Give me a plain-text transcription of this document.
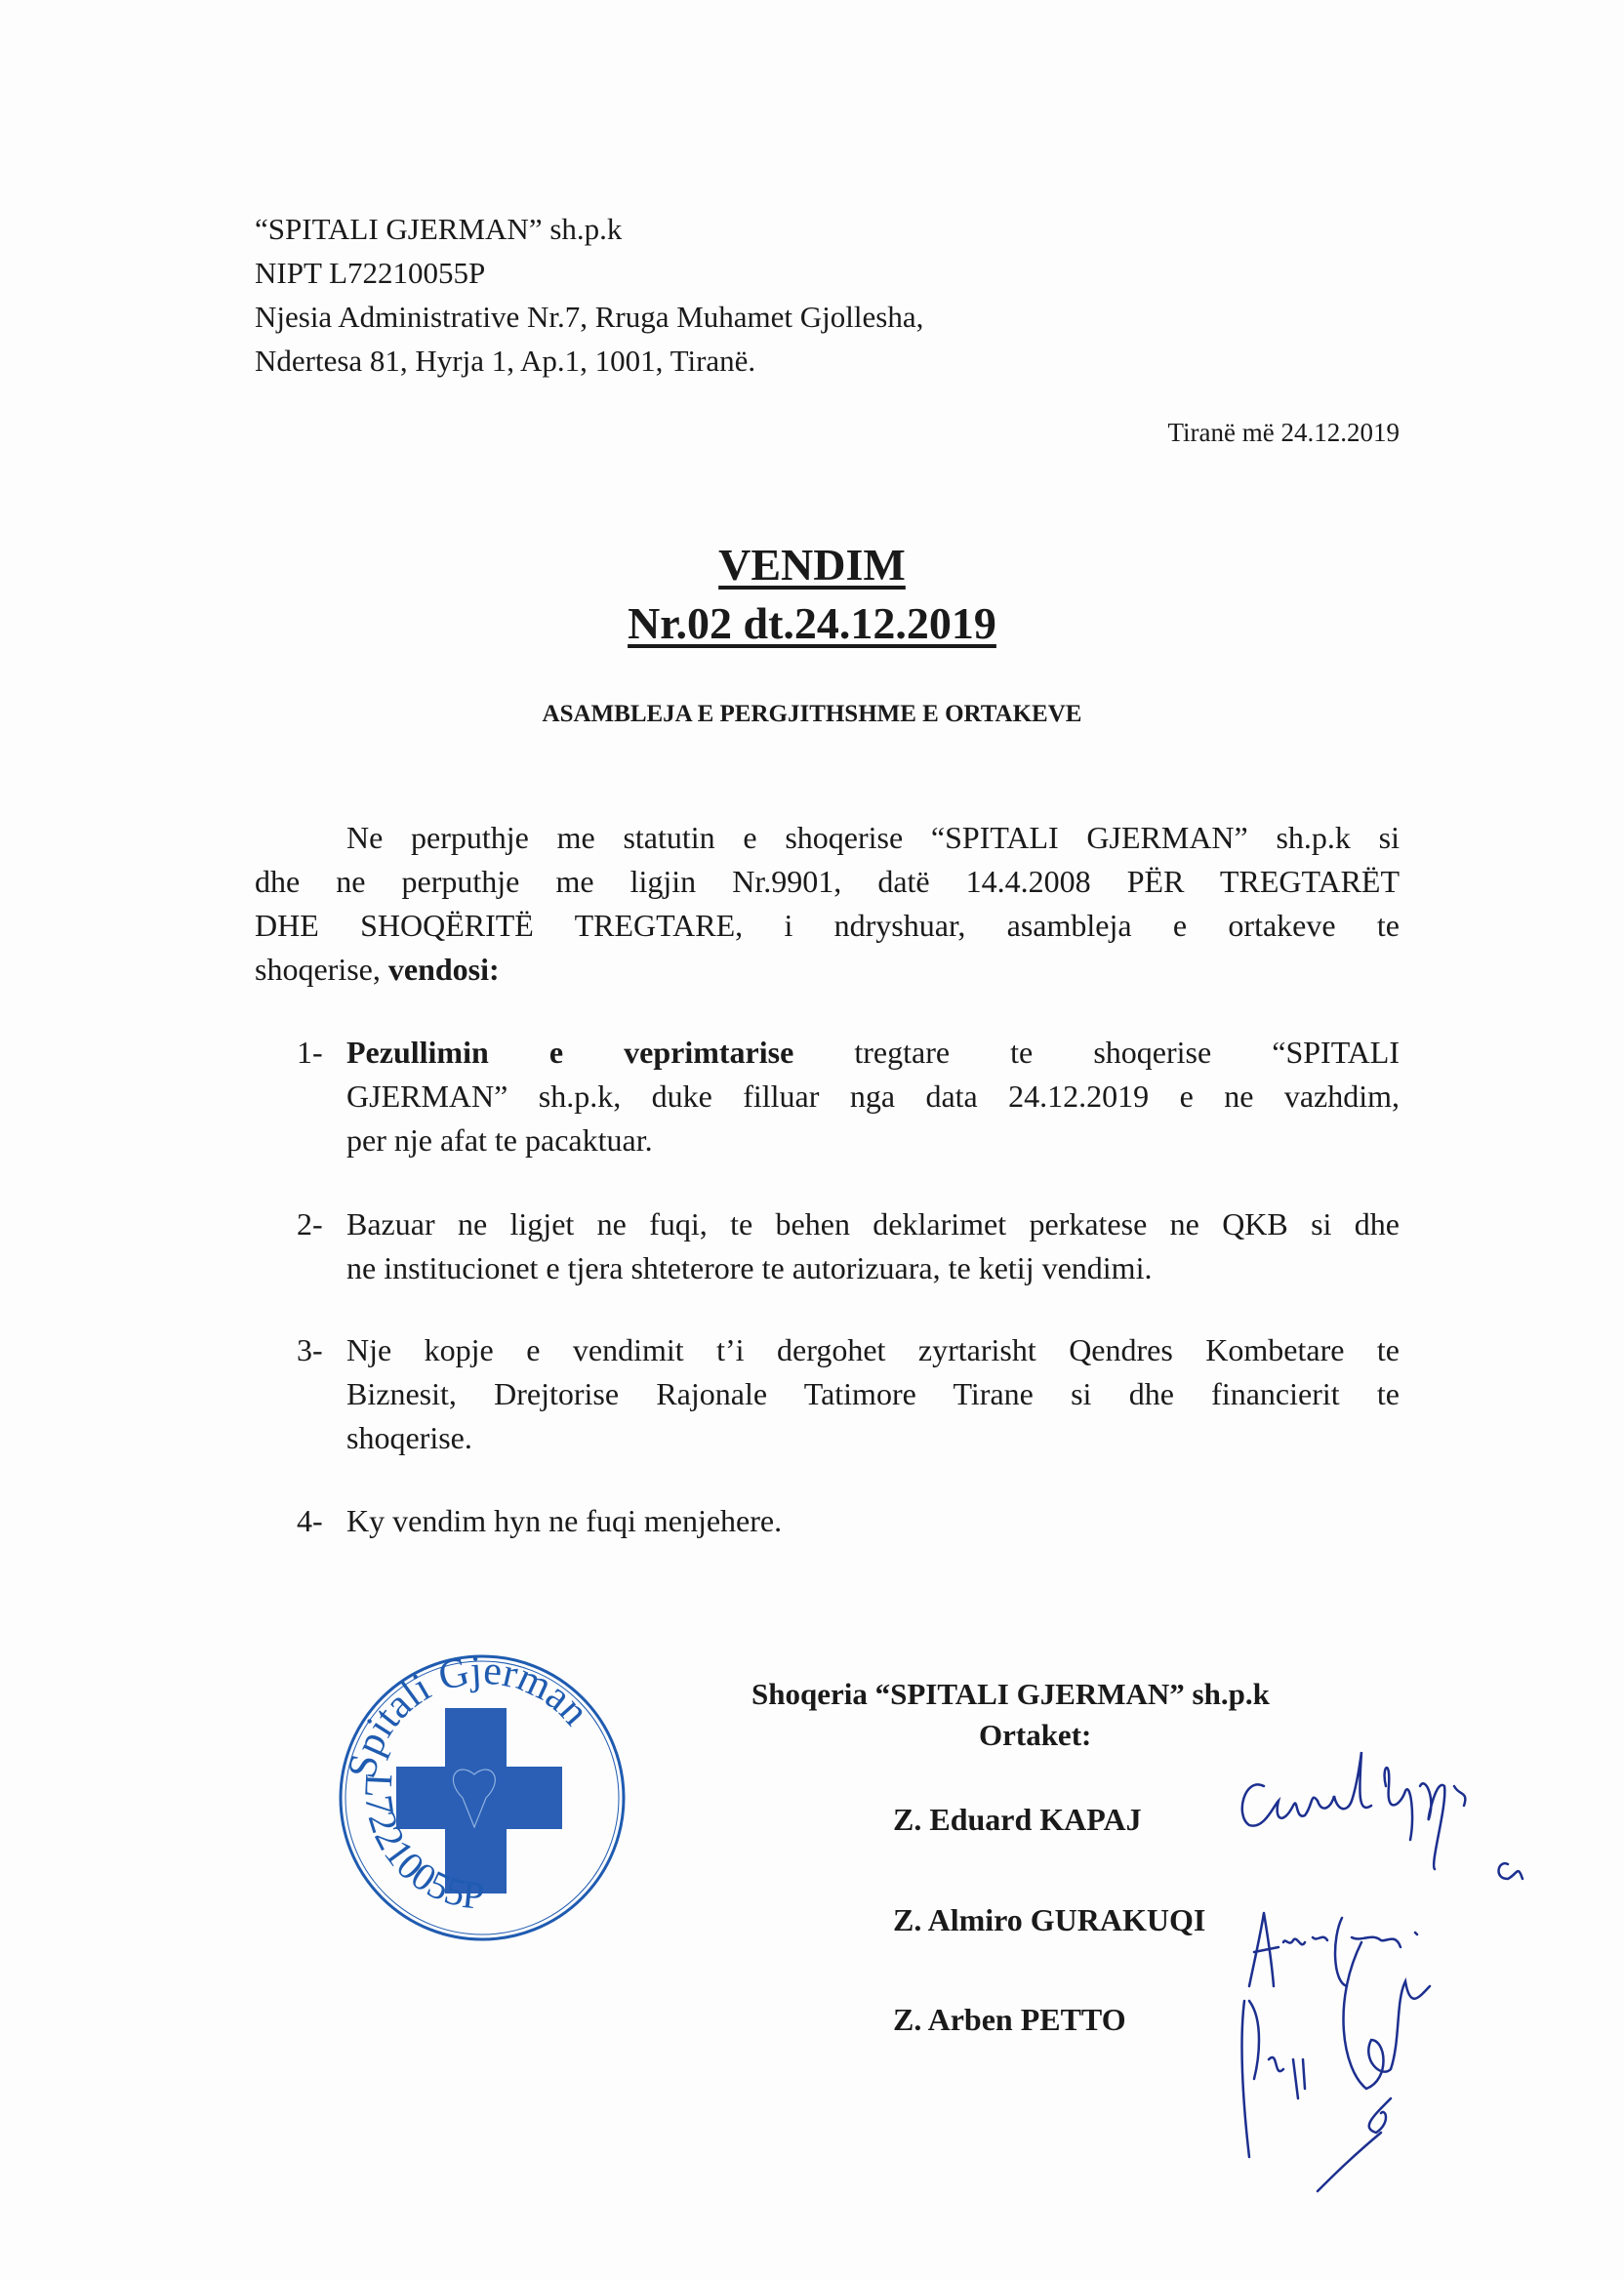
“SPITALI GJERMAN” sh.p.k
NIPT L72210055P
Njesia Administrative Nr.7, Rruga Muhamet Gjollesha,
Ndertesa 81, Hyrja 1, Ap.1, 1001, Tiranë.
Tiranë më 24.12.2019
VENDIM
Nr.02 dt.24.12.2019
ASAMBLEJA E PERGJITHSHME E ORTAKEVE
Ne perputhje me statutin e shoqerise “SPITALI GJERMAN” sh.p.k si
dhe ne perputhje me ligjin Nr.9901, datë 14.4.2008 PËR TREGTARËT
DHE SHOQËRITË TREGTARE, i ndryshuar, asambleja e ortakeve te
shoqerise, vendosi:
1- Pezullimin e veprimtarise tregtare te shoqerise “SPITALI
GJERMAN” sh.p.k, duke filluar nga data 24.12.2019 e ne vazhdim,
per nje afat te pacaktuar.
2- Bazuar ne ligjet ne fuqi, te behen deklarimet perkatese ne QKB si dhe
ne institucionet e tjera shteterore te autorizuara, te ketij vendimi.
3- Nje kopje e vendimit t’i dergohet zyrtarisht Qendres Kombetare te
Biznesit, Drejtorise Rajonale Tatimore Tirane si dhe financierit te
shoqerise.
4- Ky vendim hyn ne fuqi menjehere.
Shoqeria “SPITALI GJERMAN” sh.p.k
Ortaket:
Z. Eduard KAPAJ
Z. Almiro GURAKUQI
Z. Arben PETTO
Spitali Gjerman
L72210055P
